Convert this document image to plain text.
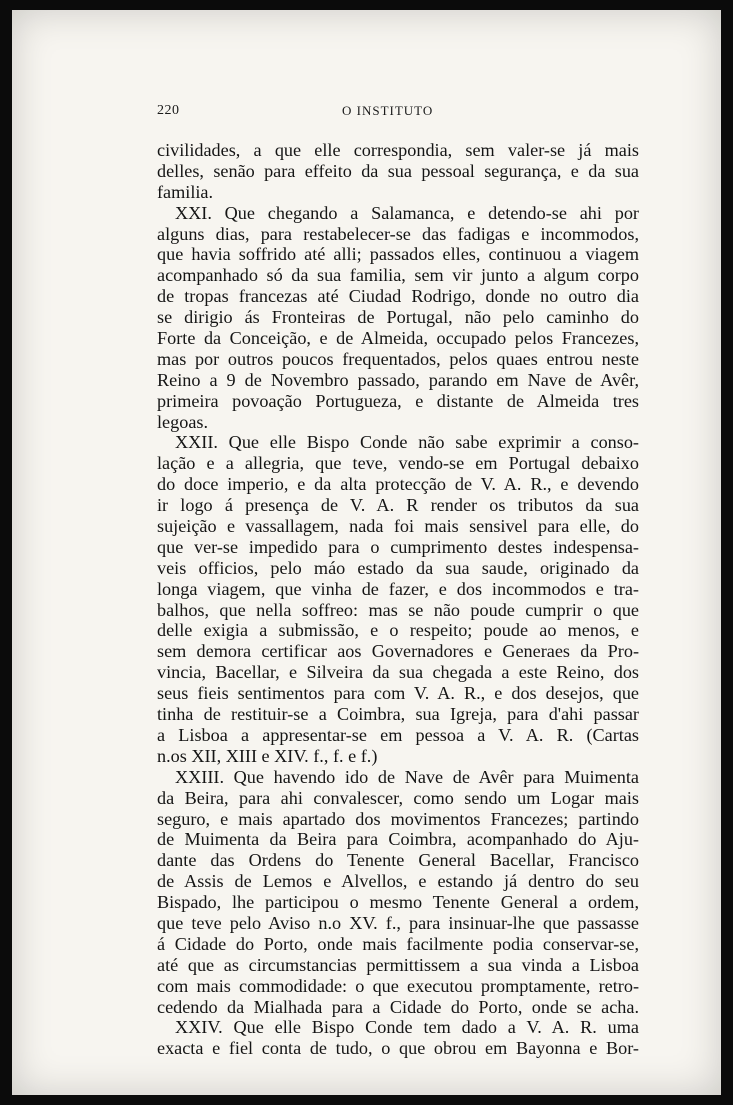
220	O INSTITUTO
civilidades, a que elle correspondia, sem valer-se já mais
delles, senão para effeito da sua pessoal segurança, e da sua
familia.
XXI. Que chegando a Salamanca, e detendo-se ahi por
alguns dias, para restabelecer-se das fadigas e incommodos,
que havia soffrido até alli; passados elles, continuou a viagem
acompanhado só da sua familia, sem vir junto a algum corpo
de tropas francezas até Ciudad Rodrigo, donde no outro dia
se dirigio ás Fronteiras de Portugal, não pelo caminho do
Forte da Conceição, e de Almeida, occupado pelos Francezes,
mas por outros poucos frequentados, pelos quaes entrou neste
Reino a 9 de Novembro passado, parando em Nave de Avêr,
primeira povoação Portugueza, e distante de Almeida tres
legoas.
XXII. Que elle Bispo Conde não sabe exprimir a conso-
lação e a allegria, que teve, vendo-se em Portugal debaixo
do doce imperio, e da alta protecção de V. A. R., e devendo
ir logo á presença de V. A. R render os tributos da sua
sujeição e vassallagem, nada foi mais sensivel para elle, do
que ver-se impedido para o cumprimento destes indespensa-
veis officios, pelo máo estado da sua saude, originado da
longa viagem, que vinha de fazer, e dos incommodos e tra-
balhos, que nella soffreo: mas se não poude cumprir o que
delle exigia a submissão, e o respeito; poude ao menos, e
sem demora certificar aos Governadores e Generaes da Pro-
vincia, Bacellar, e Silveira da sua chegada a este Reino, dos
seus fieis sentimentos para com V. A. R., e dos desejos, que
tinha de restituir-se a Coimbra, sua Igreja, para d'ahi passar
a Lisboa a appresentar-se em pessoa a V. A. R. (Cartas
n.os XII, XIII e XIV. f., f. e f.)
XXIII. Que havendo ido de Nave de Avêr para Muimenta
da Beira, para ahi convalescer, como sendo um Logar mais
seguro, e mais apartado dos movimentos Francezes; partindo
de Muimenta da Beira para Coimbra, acompanhado do Aju-
dante das Ordens do Tenente General Bacellar, Francisco
de Assis de Lemos e Alvellos, e estando já dentro do seu
Bispado, lhe participou o mesmo Tenente General a ordem,
que teve pelo Aviso n.o XV. f., para insinuar-lhe que passasse
á Cidade do Porto, onde mais facilmente podia conservar-se,
até que as circumstancias permittissem a sua vinda a Lisboa
com mais commodidade: o que executou promptamente, retro-
cedendo da Mialhada para a Cidade do Porto, onde se acha.
XXIV. Que elle Bispo Conde tem dado a V. A. R. uma
exacta e fiel conta de tudo, o que obrou em Bayonna e Bor-
